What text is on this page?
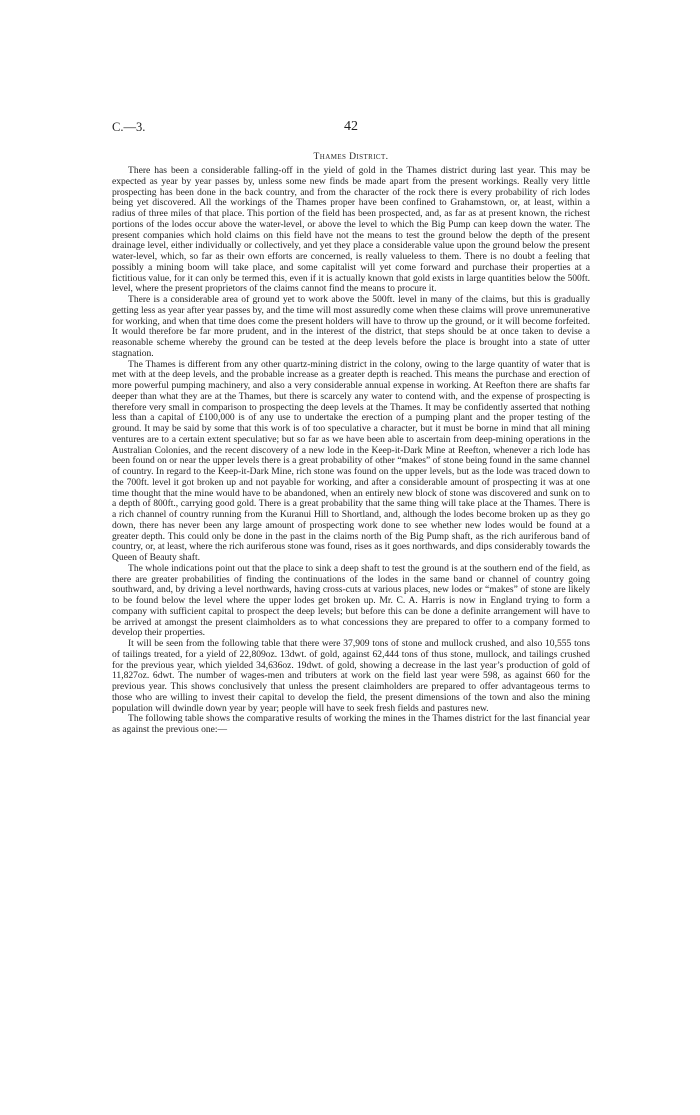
C.—3.	42
Thames District.

There has been a considerable falling-off in the yield of gold in the Thames district during last year. This may be expected as year by year passes by, unless some new finds be made apart from the present workings. Really very little prospecting has been done in the back country, and from the character of the rock there is every probability of rich lodes being yet discovered. All the workings of the Thames proper have been confined to Grahamstown, or, at least, within a radius of three miles of that place. This portion of the field has been prospected, and, as far as at present known, the richest portions of the lodes occur above the water-level, or above the level to which the Big Pump can keep down the water. The present companies which hold claims on this field have not the means to test the ground below the depth of the present drainage level, either individually or collectively, and yet they place a considerable value upon the ground below the present water-level, which, so far as their own efforts are concerned, is really valueless to them. There is no doubt a feeling that possibly a mining boom will take place, and some capitalist will yet come forward and purchase their properties at a fictitious value, for it can only be termed this, even if it is actually known that gold exists in large quantities below the 500ft. level, where the present proprietors of the claims cannot find the means to procure it.

There is a considerable area of ground yet to work above the 500ft. level in many of the claims, but this is gradually getting less as year after year passes by, and the time will most assuredly come when these claims will prove unremunerative for working, and when that time does come the present holders will have to throw up the ground, or it will become forfeited. It would therefore be far more prudent, and in the interest of the district, that steps should be at once taken to devise a reasonable scheme whereby the ground can be tested at the deep levels before the place is brought into a state of utter stagnation.

The Thames is different from any other quartz-mining district in the colony, owing to the large quantity of water that is met with at the deep levels, and the probable increase as a greater depth is reached. This means the purchase and erection of more powerful pumping machinery, and also a very considerable annual expense in working. At Reefton there are shafts far deeper than what they are at the Thames, but there is scarcely any water to contend with, and the expense of prospecting is therefore very small in comparison to prospecting the deep levels at the Thames. It may be confidently asserted that nothing less than a capital of £100,000 is of any use to undertake the erection of a pumping plant and the proper testing of the ground. It may be said by some that this work is of too speculative a character, but it must be borne in mind that all mining ventures are to a certain extent speculative; but so far as we have been able to ascertain from deep-mining operations in the Australian Colonies, and the recent discovery of a new lode in the Keep-it-Dark Mine at Reefton, whenever a rich lode has been found on or near the upper levels there is a great probability of other “makes” of stone being found in the same channel of country. In regard to the Keep-it-Dark Mine, rich stone was found on the upper levels, but as the lode was traced down to the 700ft. level it got broken up and not payable for working, and after a considerable amount of prospecting it was at one time thought that the mine would have to be abandoned, when an entirely new block of stone was discovered and sunk on to a depth of 800ft., carrying good gold. There is a great probability that the same thing will take place at the Thames. There is a rich channel of country running from the Kuranui Hill to Shortland, and, although the lodes become broken up as they go down, there has never been any large amount of prospecting work done to see whether new lodes would be found at a greater depth. This could only be done in the past in the claims north of the Big Pump shaft, as the rich auriferous band of country, or, at least, where the rich auriferous stone was found, rises as it goes northwards, and dips considerably towards the Queen of Beauty shaft.

The whole indications point out that the place to sink a deep shaft to test the ground is at the southern end of the field, as there are greater probabilities of finding the continuations of the lodes in the same band or channel of country going southward, and, by driving a level northwards, having cross-cuts at various places, new lodes or “makes” of stone are likely to be found below the level where the upper lodes get broken up. Mr. C. A. Harris is now in England trying to form a company with sufficient capital to prospect the deep levels; but before this can be done a definite arrangement will have to be arrived at amongst the present claimholders as to what concessions they are prepared to offer to a company formed to develop their properties.

It will be seen from the following table that there were 37,909 tons of stone and mullock crushed, and also 10,555 tons of tailings treated, for a yield of 22,809oz. 13dwt. of gold, against 62,444 tons of thus stone, mullock, and tailings crushed for the previous year, which yielded 34,636oz. 19dwt. of gold, showing a decrease in the last year’s production of gold of 11,827oz. 6dwt. The number of wages-men and tributers at work on the field last year were 598, as against 660 for the previous year. This shows conclusively that unless the present claimholders are prepared to offer advantageous terms to those who are willing to invest their capital to develop the field, the present dimensions of the town and also the mining population will dwindle down year by year; people will have to seek fresh fields and pastures new.

The following table shows the comparative results of working the mines in the Thames district for the last financial year as against the previous one:—
